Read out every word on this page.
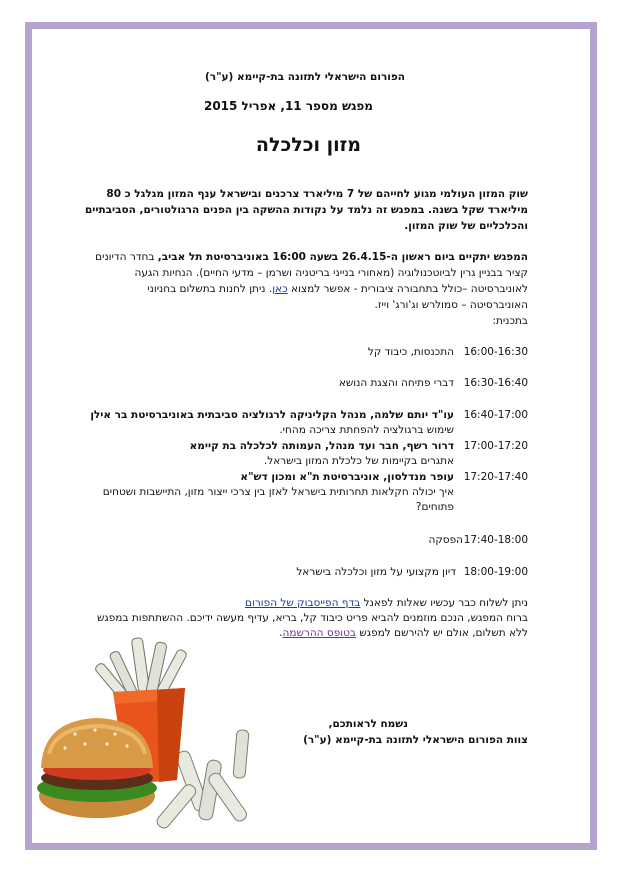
הפורום הישראלי לתזונה בת-קיימא (ע"ר)
מפגש מספר 11, אפריל 2015
מזון וכלכלה
שוק המזון העולמי מגוע לחייהם של 7 מיליארד צרכנים ובישראל ענף המזון מגלגל כ 80 מיליארד שקל בשנה. במפגש זה נלמד על נקודות ההשקה בין הפנים הרגולטורים, הסביבתיים והכלכליים של שוק המזון.
המפגש יתקיים ביום ראשון ה-26.4.15 בשעה 16:00 באוניברסיטת תל אביב, בחדר הדיונים
קציר בבניין גרין לביוטכנולוגיה (מאחורי בנייני בריטניה ושרמן – מדעי החיים). הנחיות הגעה
לאוניברסיטה –כולל בתחבורה ציבורית - אפשר למצוא כאן. ניתן לחנות בתשלום בחניוני
האוניברסיטה – סמולרש וג'ורג' וייז.
בתכנית:
16:00-16:30
התכנסות, כיבוד קל
16:30-16:40
דברי פתיחה והצגת הנושא
16:40-17:00
עו"ד יותם שלמה, מנהל הקליניקה לרגולציה סביבתית באוניברסיטת בר אילן
שימוש ברגולציה להפחתת צריכה מהחי.
17:00-17:20
דרור רשף, חבר ועד מנהל, העמותה לכלכלה בת קיימא
אתגרים בקיימות של כלכלת המזון בישראל.
17:20-17:40
עופר מנדלסון, אוניברסיטת ת"א ומכון דש"א
איך יכולה חקלאות תחרותית בישראל לאזן בין צרכי ייצור מזון, התיישבות ושטחים
פתוחים?
17:40-18:00
הפסקה
18:00-19:00
דיון מקצועי על מזון וכלכלה בישראל
ניתן לשלוח כבר עכשיו שאלות לפאנל בדף הפייסבוק של הפורום
ברוח המפגש, הנכם מוזמנים להביא פריט כיבוד קל, בריא, עדיף מעשה ידיכם. ההשתתפות במפגש
ללא תשלום, אולם יש להירשם למפגש בטופס ההרשמה.
נשמח לראותכם,
צוות הפורום הישראלי לתזונה בת-קיימא (ע"ר)
